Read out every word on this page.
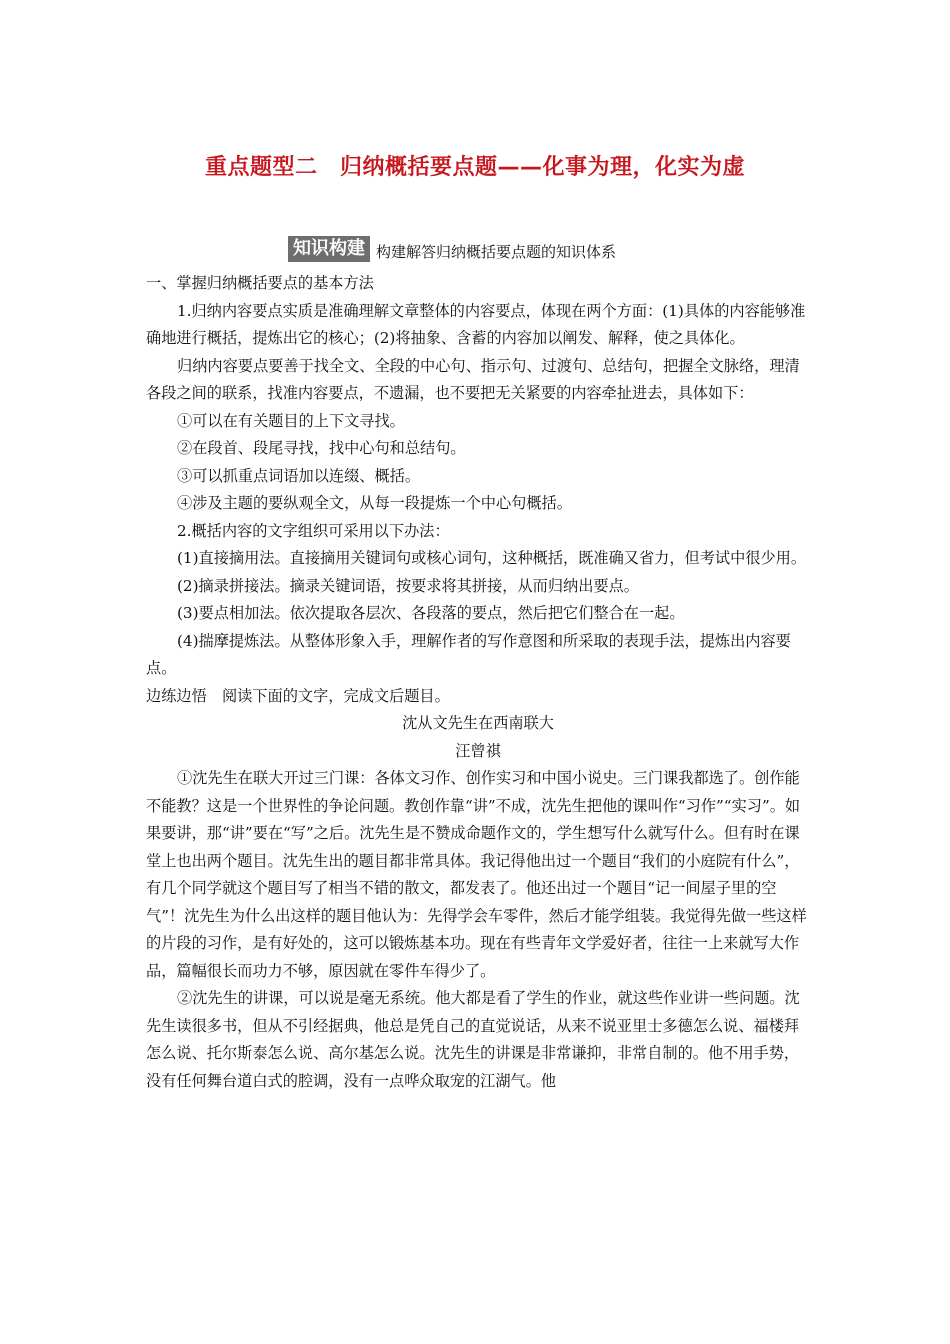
重点题型二　归纳概括要点题——化事为理，化实为虚
知识构建 构建解答归纳概括要点题的知识体系

一、掌握归纳概括要点的基本方法

1.归纳内容要点实质是准确理解文章整体的内容要点，体现在两个方面：(1)具体的内容能够准确地进行概括，提炼出它的核心；(2)将抽象、含蓄的内容加以阐发、解释，使之具体化。

归纳内容要点要善于找全文、全段的中心句、指示句、过渡句、总结句，把握全文脉络，理清各段之间的联系，找准内容要点，不遗漏，也不要把无关紧要的内容牵扯进去，具体如下：

①可以在有关题目的上下文寻找。

②在段首、段尾寻找，找中心句和总结句。

③可以抓重点词语加以连缀、概括。

④涉及主题的要纵观全文，从每一段提炼一个中心句概括。

2.概括内容的文字组织可采用以下办法：

(1)直接摘用法。直接摘用关键词句或核心词句，这种概括，既准确又省力，但考试中很少用。

(2)摘录拼接法。摘录关键词语，按要求将其拼接，从而归纳出要点。

(3)要点相加法。依次提取各层次、各段落的要点，然后把它们整合在一起。

(4)揣摩提炼法。从整体形象入手，理解作者的写作意图和所采取的表现手法，提炼出内容要点。

边练边悟　阅读下面的文字，完成文后题目。

沈从文先生在西南联大

汪曾祺

①沈先生在联大开过三门课：各体文习作、创作实习和中国小说史。三门课我都选了。创作能不能教？这是一个世界性的争论问题。教创作靠“讲”不成，沈先生把他的课叫作“习作”“实习”。如果要讲，那“讲”要在“写”之后。沈先生是不赞成命题作文的，学生想写什么就写什么。但有时在课堂上也出两个题目。沈先生出的题目都非常具体。我记得他出过一个题目“我们的小庭院有什么”，有几个同学就这个题目写了相当不错的散文，都发表了。他还出过一个题目“记一间屋子里的空气”！沈先生为什么出这样的题目他认为：先得学会车零件，然后才能学组装。我觉得先做一些这样的片段的习作，是有好处的，这可以锻炼基本功。现在有些青年文学爱好者，往往一上来就写大作品，篇幅很长而功力不够，原因就在零件车得少了。

②沈先生的讲课，可以说是毫无系统。他大都是看了学生的作业，就这些作业讲一些问题。沈先生读很多书，但从不引经据典，他总是凭自己的直觉说话，从来不说亚里士多德怎么说、福楼拜怎么说、托尔斯泰怎么说、高尔基怎么说。沈先生的讲课是非常谦抑，非常自制的。他不用手势，没有任何舞台道白式的腔调，没有一点哗众取宠的江湖气。他
